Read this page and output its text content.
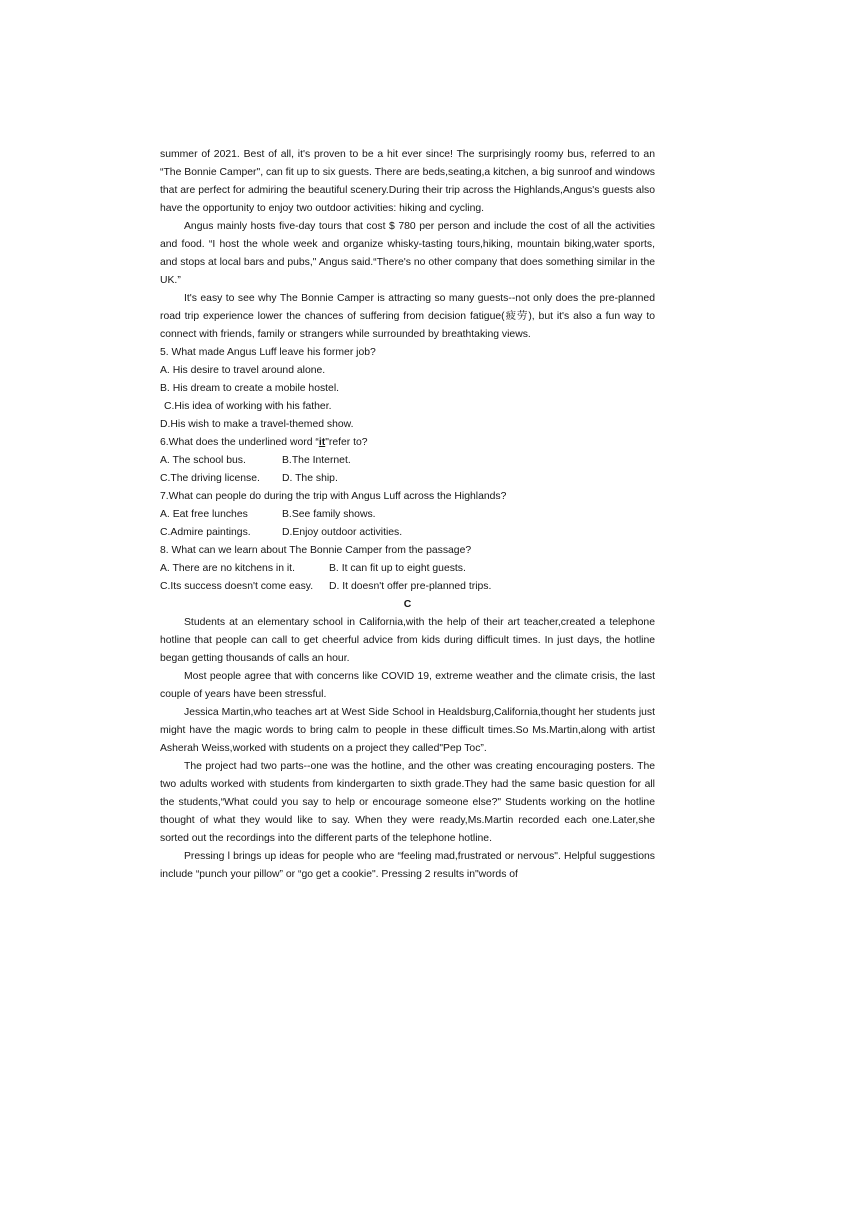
summer of 2021. Best of all, it's proven to be a hit ever since! The surprisingly roomy bus, referred to an “The Bonnie Camper", can fit up to six guests. There are beds,seating,a kitchen, a big sunroof and windows that are perfect for admiring the beautiful scenery.During their trip across the Highlands,Angus's guests also have the opportunity to enjoy two outdoor activities: hiking and cycling.

Angus mainly hosts five-day tours that cost $ 780 per person and include the cost of all the activities and food. “I host the whole week and organize whisky-tasting tours,hiking, mountain biking,water sports, and stops at local bars and pubs," Angus said.“There's no other company that does something similar in the UK.”

It's easy to see why The Bonnie Camper is attracting so many guests--not only does the pre-planned road trip experience lower the chances of suffering from decision fatigue(疲劳), but it's also a fun way to connect with friends, family or strangers while surrounded by breathtaking views.

5. What made Angus Luff leave his former job?

A. His desire to travel around alone.

B. His dream to create a mobile hostel.

C.His idea of working with his father.

D.His wish to make a travel-themed show.

6.What does the underlined word “it"refer to?

A. The school bus.	B.The Internet.
C.The driving license.	D. The ship.

7.What can people do during the trip with Angus Luff across the Highlands?

A. Eat free lunches	B.See family shows.
C.Admire paintings.	D.Enjoy outdoor activities.

8. What can we learn about The Bonnie Camper from the passage?

A. There are no kitchens in it.	B. It can fit up to eight guests.
C.Its success doesn't come easy.	D. It doesn't offer pre-planned trips.

C

Students at an elementary school in California,with the help of their art teacher,created a telephone hotline that people can call to get cheerful advice from kids during difficult times. In just days, the hotline began getting thousands of calls an hour.

Most people agree that with concerns like COVID 19, extreme weather and the climate crisis, the last couple of years have been stressful.

Jessica Martin,who teaches art at West Side School in Healdsburg,California,thought her students just might have the magic words to bring calm to people in these difficult times.So Ms.Martin,along with artist Asherah Weiss,worked with students on a project they called"Pep Toc”.

The project had two parts--one was the hotline, and the other was creating encouraging posters. The two adults worked with students from kindergarten to sixth grade.They had the same basic question for all the students,“What could you say to help or encourage someone else?" Students working on the hotline thought of what they would like to say. When they were ready,Ms.Martin recorded each one.Later,she sorted out the recordings into the different parts of the telephone hotline.

Pressing l brings up ideas for people who are “feeling mad,frustrated or nervous". Helpful suggestions include “punch your pillow” or “go get a cookie". Pressing 2 results in"words of
